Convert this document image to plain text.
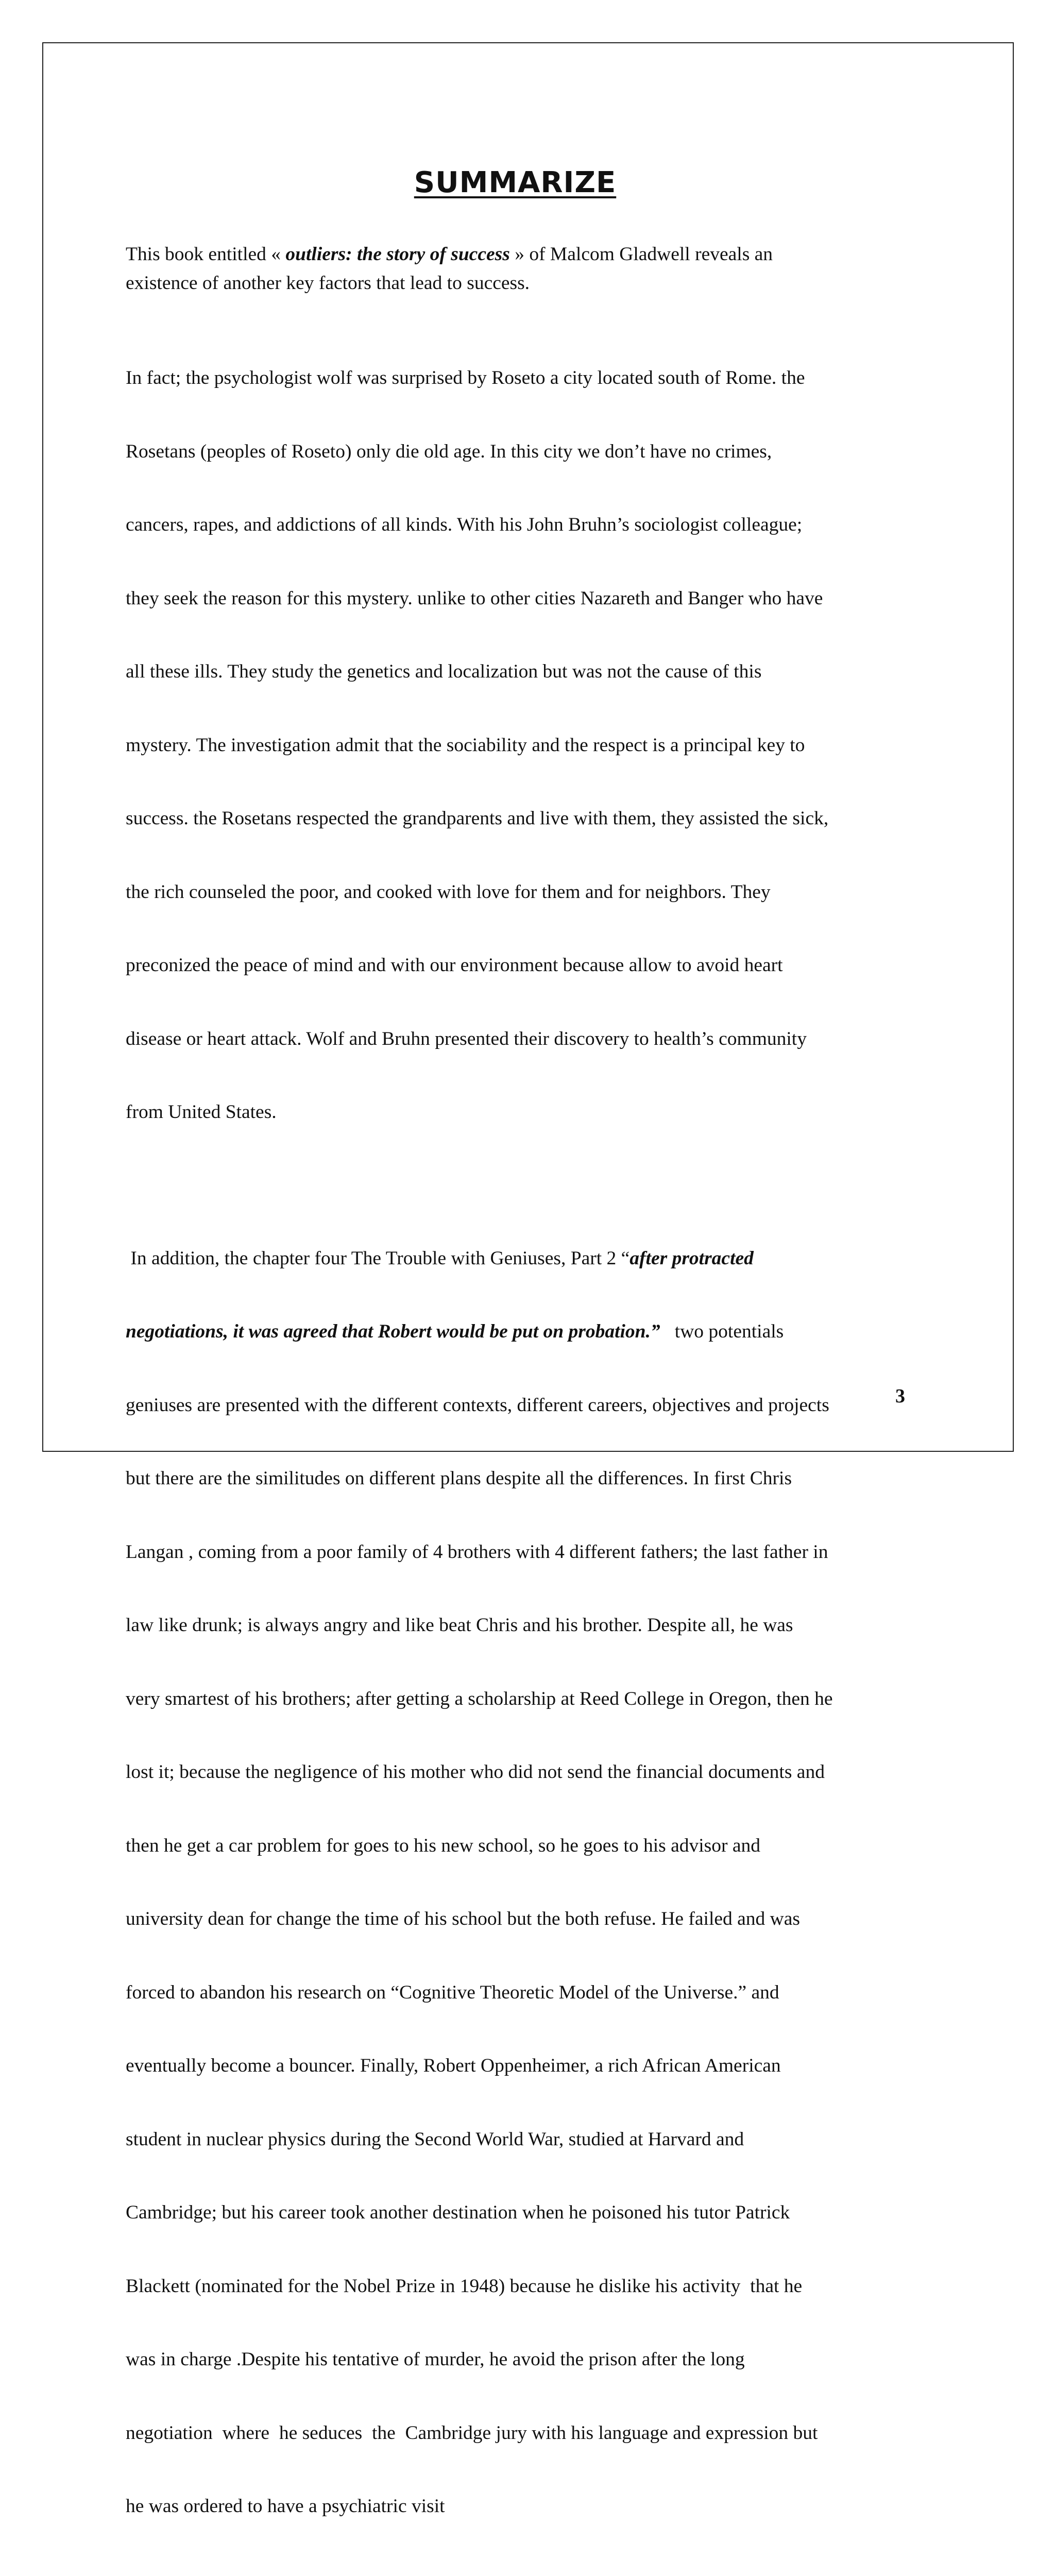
SUMMARIZE

This book entitled « outliers: the story of success » of Malcom Gladwell reveals an
existence of another key factors that lead to success.

In fact; the psychologist wolf was surprised by Roseto a city located south of Rome. the

Rosetans (peoples of Roseto) only die old age. In this city we don’t have no crimes,

cancers, rapes, and addictions of all kinds. With his John Bruhn’s sociologist colleague;

they seek the reason for this mystery. unlike to other cities Nazareth and Banger who have

all these ills. They study the genetics and localization but was not the cause of this

mystery. The investigation admit that the sociability and the respect is a principal key to

success. the Rosetans respected the grandparents and live with them, they assisted the sick,

the rich counseled the poor, and cooked with love for them and for neighbors. They

preconized the peace of mind and with our environment because allow to avoid heart

disease or heart attack. Wolf and Bruhn presented their discovery to health’s community

from United States.

In addition, the chapter four The Trouble with Geniuses, Part 2 “after protracted

negotiations, it was agreed that Robert would be put on probation.”   two potentials

geniuses are presented with the different contexts, different careers, objectives and projects

but there are the similitudes on different plans despite all the differences. In first Chris

Langan , coming from a poor family of 4 brothers with 4 different fathers; the last father in

law like drunk; is always angry and like beat Chris and his brother. Despite all, he was

very smartest of his brothers; after getting a scholarship at Reed College in Oregon, then he

lost it; because the negligence of his mother who did not send the financial documents and

then he get a car problem for goes to his new school, so he goes to his advisor and

university dean for change the time of his school but the both refuse. He failed and was

forced to abandon his research on “Cognitive Theoretic Model of the Universe.” and

eventually become a bouncer. Finally, Robert Oppenheimer, a rich African American

student in nuclear physics during the Second World War, studied at Harvard and

Cambridge; but his career took another destination when he poisoned his tutor Patrick

Blackett (nominated for the Nobel Prize in 1948) because he dislike his activity  that he

was in charge .Despite his tentative of murder, he avoid the prison after the long

negotiation  where  he seduces  the  Cambridge jury with his language and expression but

he was ordered to have a psychiatric visit

3
